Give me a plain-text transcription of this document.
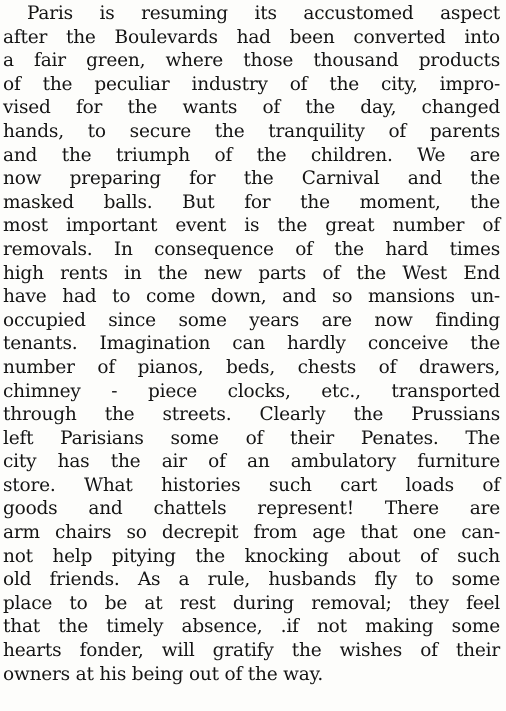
Paris is resuming its accustomed aspect
after the Boulevards had been converted into
a fair green, where those thousand products
of the peculiar industry of the city, impro-
vised for the wants of the day, changed
hands, to secure the tranquility of parents
and the triumph of the children. We are
now preparing for the Carnival and the
masked balls. But for the moment, the
most important event is the great number of
removals. In consequence of the hard times
high rents in the new parts of the West End
have had to come down, and so mansions un-
occupied since some years are now finding
tenants. Imagination can hardly conceive the
number of pianos, beds, chests of drawers,
chimney - piece clocks, etc., transported
through the streets. Clearly the Prussians
left Parisians some of their Penates. The
city has the air of an ambulatory furniture
store. What histories such cart loads of
goods and chattels represent! There are
arm chairs so decrepit from age that one can-
not help pitying the knocking about of such
old friends. As a rule, husbands fly to some
place to be at rest during removal; they feel
that the timely absence, .if not making some
hearts fonder, will gratify the wishes of their
owners at his being out of the way.
